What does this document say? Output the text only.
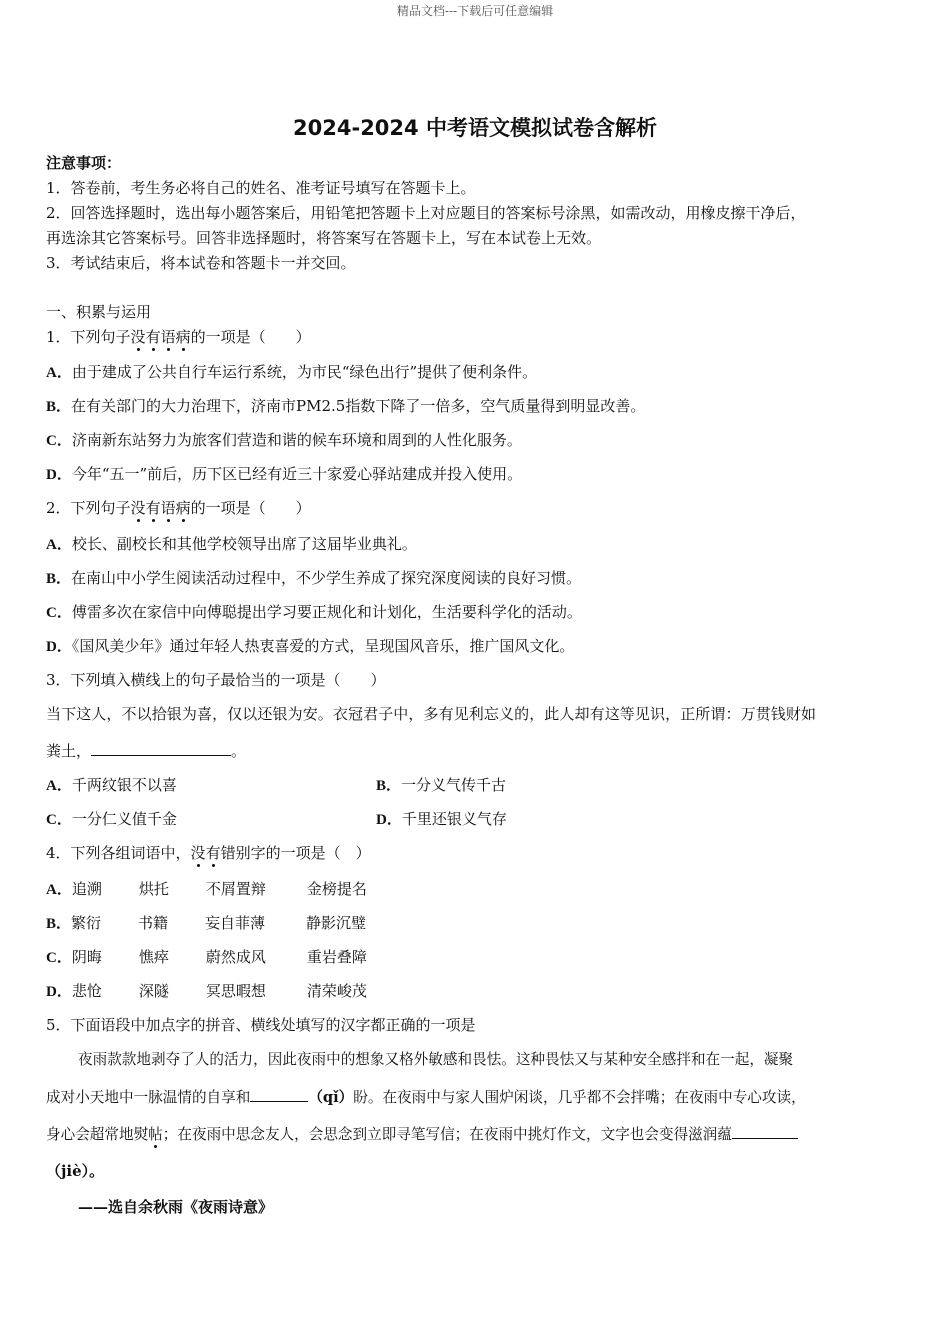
精品文档---下载后可任意编辑
2024-2024 中考语文模拟试卷含解析
注意事项：
1．答卷前，考生务必将自己的姓名、准考证号填写在答题卡上。
2．回答选择题时，选出每小题答案后，用铅笔把答题卡上对应题目的答案标号涂黑，如需改动，用橡皮擦干净后，
再选涂其它答案标号。回答非选择题时，将答案写在答题卡上，写在本试卷上无效。
3．考试结束后，将本试卷和答题卡一并交回。
一、积累与运用
1．下列句子没有语病的一项是（　　）
A．由于建成了公共自行车运行系统，为市民“绿色出行”提供了便利条件。
B．在有关部门的大力治理下，济南市PM2.5指数下降了一倍多，空气质量得到明显改善。
C．济南新东站努力为旅客们营造和谐的候车环境和周到的人性化服务。
D．今年“五一”前后，历下区已经有近三十家爱心驿站建成并投入使用。
2．下列句子没有语病的一项是（　　）
A．校长、副校长和其他学校领导出席了这届毕业典礼。
B．在南山中小学生阅读活动过程中，不少学生养成了探究深度阅读的良好习惯。
C．傅雷多次在家信中向傅聪提出学习要正规化和计划化，生活要科学化的活动。
D．《国风美少年》通过年轻人热衷喜爱的方式，呈现国风音乐，推广国风文化。
3．下列填入横线上的句子最恰当的一项是（　　）
当下这人，不以拾银为喜，仅以还银为安。衣冠君子中，多有见利忘义的，此人却有这等见识，正所谓：万贯钱财如
粪土，	。
A．千两纹银不以喜	B．一分义气传千古
C．一分仁义值千金	D．千里还银义气存
4．下列各组词语中，没有错别字的一项是（　）
A．追溯 烘托 不屑置辩	金榜提名
B．繁衍 书籍 妄自菲薄	静影沉璧
C．阴晦 憔瘁 蔚然成风	重岩叠障
D．悲怆 深隧 冥思暇想	清荣峻茂
5．下面语段中加点字的拼音、横线处填写的汉字都正确的一项是
夜雨款款地剥夺了人的活力，因此夜雨中的想象又格外敏感和畏怯。这种畏怯又与某种安全感拌和在一起，凝聚
成对小天地中一脉温情的自享和	（qǐ）盼。在夜雨中与家人围炉闲谈，几乎都不会拌嘴；在夜雨中专心攻读，
身心会超常地熨帖；在夜雨中思念友人，会思念到立即寻笔写信；在夜雨中挑灯作文，文字也会变得滋润蕴
（jiè）。
——选自余秋雨《夜雨诗意》
